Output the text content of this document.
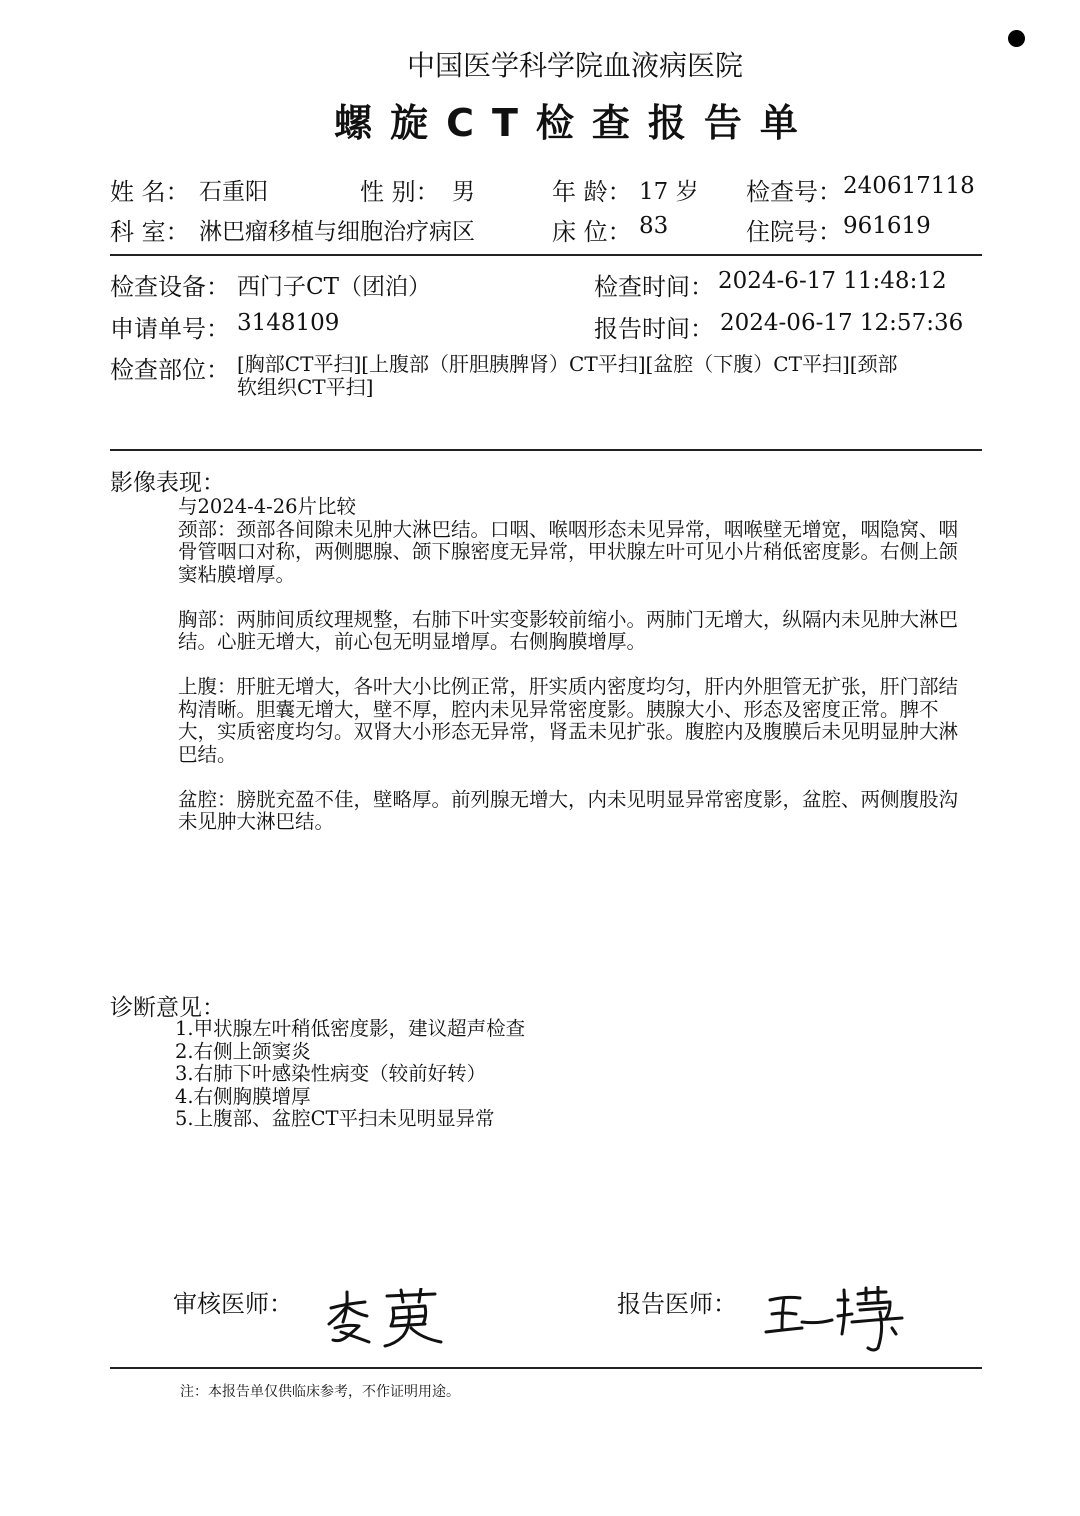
中国医学科学院血液病医院
螺旋CT检查报告单
姓 名： 石重阳	性 别： 男	年 龄： 17 岁 检查号： 240617118
科 室： 淋巴瘤移植与细胞治疗病区	床 位： 83	住院号： 961619
检查设备： 西门子CT（团泊）	检查时间： 2024-6-17 11:48:12
申请单号： 3148109	报告时间： 2024-06-17 12:57:36
检查部位： [胸部CT平扫][上腹部（肝胆胰脾肾）CT平扫][盆腔（下腹）CT平扫][颈部
软组织CT平扫]
影像表现：
与2024-4-26片比较
颈部：颈部各间隙未见肿大淋巴结。口咽、喉咽形态未见异常，咽喉壁无增宽，咽隐窝、咽骨管咽口对称，两侧腮腺、颌下腺密度无异常，甲状腺左叶可见小片稍低密度影。右侧上颌窦粘膜增厚。
胸部：两肺间质纹理规整，右肺下叶实变影较前缩小。两肺门无增大，纵隔内未见肿大淋巴结。心脏无增大，前心包无明显增厚。右侧胸膜增厚。
上腹：肝脏无增大，各叶大小比例正常，肝实质内密度均匀，肝内外胆管无扩张，肝门部结构清晰。胆囊无增大，壁不厚，腔内未见异常密度影。胰腺大小、形态及密度正常。脾不大，实质密度均匀。双肾大小形态无异常，肾盂未见扩张。腹腔内及腹膜后未见明显肿大淋巴结。
盆腔：膀胱充盈不佳，壁略厚。前列腺无增大，内未见明显异常密度影，盆腔、两侧腹股沟未见肿大淋巴结。
诊断意见：
1.甲状腺左叶稍低密度影，建议超声检查
2.右侧上颌窦炎
3.右肺下叶感染性病变（较前好转）
4.右侧胸膜增厚
5.上腹部、盆腔CT平扫未见明显异常
审核医师：	报告医师：
注：本报告单仅供临床参考，不作证明用途。
